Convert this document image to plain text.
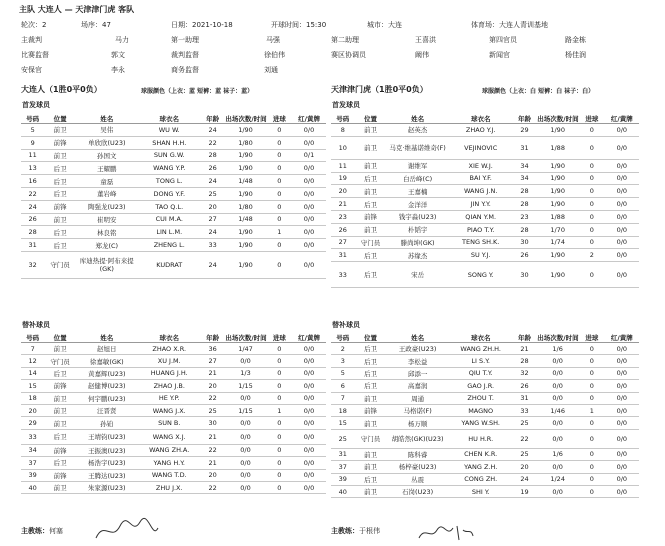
主队 大连人 — 天津津门虎 客队
轮次：2	场序：47	日期：2021-10-18	开球时间：15:30	城市：大连	体育场：大连人青训基地
主裁判	马力	第一助理	马强	第二助理	王喜洪	第四官员	路金栋
比赛监督	郭文	裁判监督	徐伯伟	赛区协调员	阚伟	新闻官	杨佳润
安保官	李永	商务监督	刘通
大连人（1胜0平0负）	球服颜色（上衣：蓝 短裤：蓝 袜子：蓝）
首发球员
号码	位置	姓名	球衣名	年龄	出场次数/时间	进球	红/黄牌
5	前卫	吴伟	WU W.	24	1/90	0	0/0
9	前锋	单欣欣(U23)	SHAN H.H.	22	1/80	0	0/0
11	前卫	孙国文	SUN G.W.	28	1/90	0	0/1
13	后卫	王耀鹏	WANG Y.P.	26	1/90	0	0/0
16	后卫	童磊	TONG L.	24	1/48	0	0/0
22	后卫	董岩峰	DONG Y.F.	25	1/90	0	0/0
24	前锋	陶强龙(U23)	TAO Q.L.	20	1/80	0	0/0
26	前卫	崔明安	CUI M.A.	27	1/48	0	0/0
28	后卫	林良铭	LIN L.M.	24	1/90	1	0/0
31	后卫	郑龙(C)	ZHENG L.	33	1/90	0	0/0
32	守门员	库迪热提·阿布来提(GK)	KUDRAT	24	1/90	0	0/0
替补球员
号码	位置	姓名	球衣名	年龄	出场次数/时间	进球	红/黄牌
7	前卫	赵旭日	ZHAO X.R.	36	1/47	0	0/0
12	守门员	徐嘉敏(GK)	XU J.M.	27	0/0	0	0/0
14	后卫	黄嘉辉(U23)	HUANG J.H.	21	1/3	0	0/0
15	前锋	赵健博(U23)	ZHAO J.B.	20	1/15	0	0/0
18	前卫	何宇鹏(U23)	HE Y.P.	22	0/0	0	0/0
20	前卫	汪晋贤	WANG J.X.	25	1/15	1	0/0
29	前卫	孙铂	SUN B.	30	0/0	0	0/0
33	后卫	王靖钧(U23)	WANG X.J.	21	0/0	0	0/0
34	前锋	王振澳(U23)	WANG ZH.A.	22	0/0	0	0/0
37	后卫	杨浩宇(U23)	YANG H.Y.	21	0/0	0	0/0
39	前锋	王腾达(U23)	WANG T.D.	20	0/0	0	0/0
40	前卫	朱家源(U23)	ZHU J.X.	22	0/0	0	0/0
天津津门虎（1胜0平0负）	球服颜色（上衣：白 短裤：白 袜子：白）
首发球员
号码	位置	姓名	球衣名	年龄	出场次数/时间	进球	红/黄牌
8	前卫	赵英杰	ZHAO Y.J.	29	1/90	0	0/0
10	前卫	马克·维基诺维奇(F)	VEJINOVIC	31	1/88	0	0/0
11	前卫	谢维军	XIE W.J.	34	1/90	0	0/0
19	后卫	白岳峰(C)	BAI Y.F.	34	1/90	0	0/0
20	前卫	王嘉楠	WANG J.N.	28	1/90	0	0/0
21	后卫	金洋洋	JIN Y.Y.	28	1/90	0	0/0
23	前锋	钱宇淼(U23)	QIAN Y.M.	23	1/88	0	0/0
26	前卫	朴韬宇	PIAO T.Y.	28	1/70	0	0/0
27	守门员	滕尚坤(GK)	TENG SH.K.	30	1/74	0	0/0
31	后卫	苏缘杰	SU Y.J.	26	1/90	2	0/0
33	后卫	宋岳	SONG Y.	30	1/90	0	0/0
替补球员
号码	位置	姓名	球衣名	年龄	出场次数/时间	进球	红/黄牌
2	后卫	王政豪(U23)	WANG ZH.H.	21	1/6	0	0/0
3	后卫	李松益	LI S.Y.	28	0/0	0	0/0
5	后卫	邱添一	QIU T.Y.	32	0/0	0	0/0
6	后卫	高嘉润	GAO J.R.	26	0/0	0	0/0
7	前卫	周通	ZHOU T.	31	0/0	0	0/0
18	前锋	马格诺(F)	MAGNO	33	1/46	1	0/0
15	前卫	杨万顺	YANG W.SH.	25	0/0	0	0/0
25	守门员	胡皓然(GK)(U23)	HU H.R.	22	0/0	0	0/0
31	前卫	陈科睿	CHEN K.R.	25	1/6	0	0/0
37	前卫	杨梓豪(U23)	YANG Z.H.	20	0/0	0	0/0
39	后卫	丛震	CONG ZH.	24	1/24	0	0/0
40	前卫	石岗(U23)	SHI Y.	19	0/0	0	0/0
主教练：何塞	主教练：于根伟
